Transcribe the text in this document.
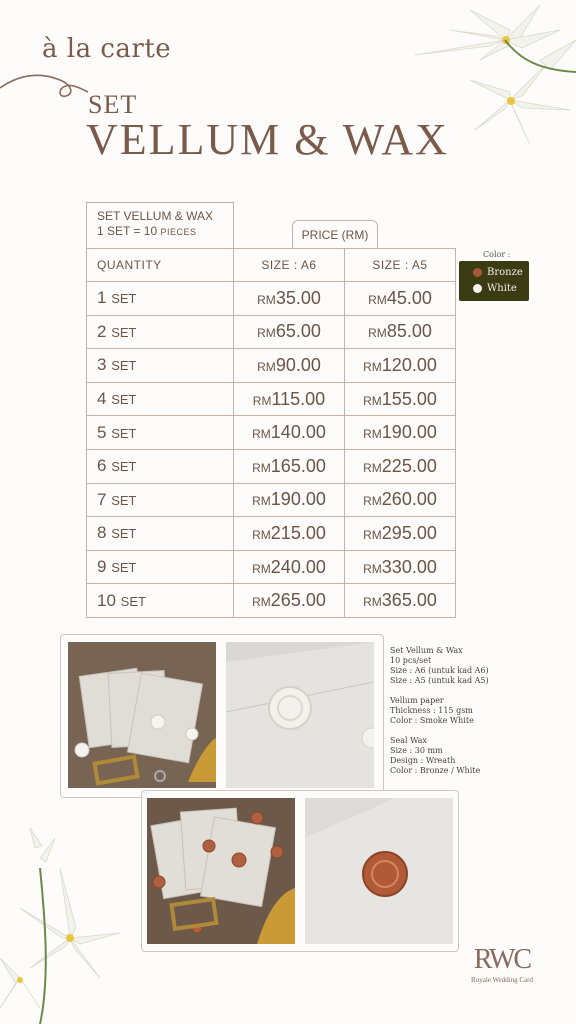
à la carte
SET
VELLUM & WAX
SET VELLUM & WAX
1 SET = 10 PIECES	PRICE (RM)
QUANTITY	SIZE : A6	SIZE : A5
1 SET	RM35.00	RM45.00
2 SET	RM65.00	RM85.00
3 SET	RM90.00	RM120.00
4 SET	RM115.00	RM155.00
5 SET	RM140.00	RM190.00
6 SET	RM165.00	RM225.00
7 SET	RM190.00	RM260.00
8 SET	RM215.00	RM295.00
9 SET	RM240.00	RM330.00
10 SET	RM265.00	RM365.00
Color :
Bronze
White
Set Vellum & Wax
10 pcs/set
Size : A6 (untuk kad A6)
Size : A5 (untuk kad A5)
Vellum paper
Thickness : 115 gsm
Color : Smoke White
Seal Wax
Size : 30 mm
Design : Wreath
Color : Bronze / White
RWC
Royale Wedding Card
